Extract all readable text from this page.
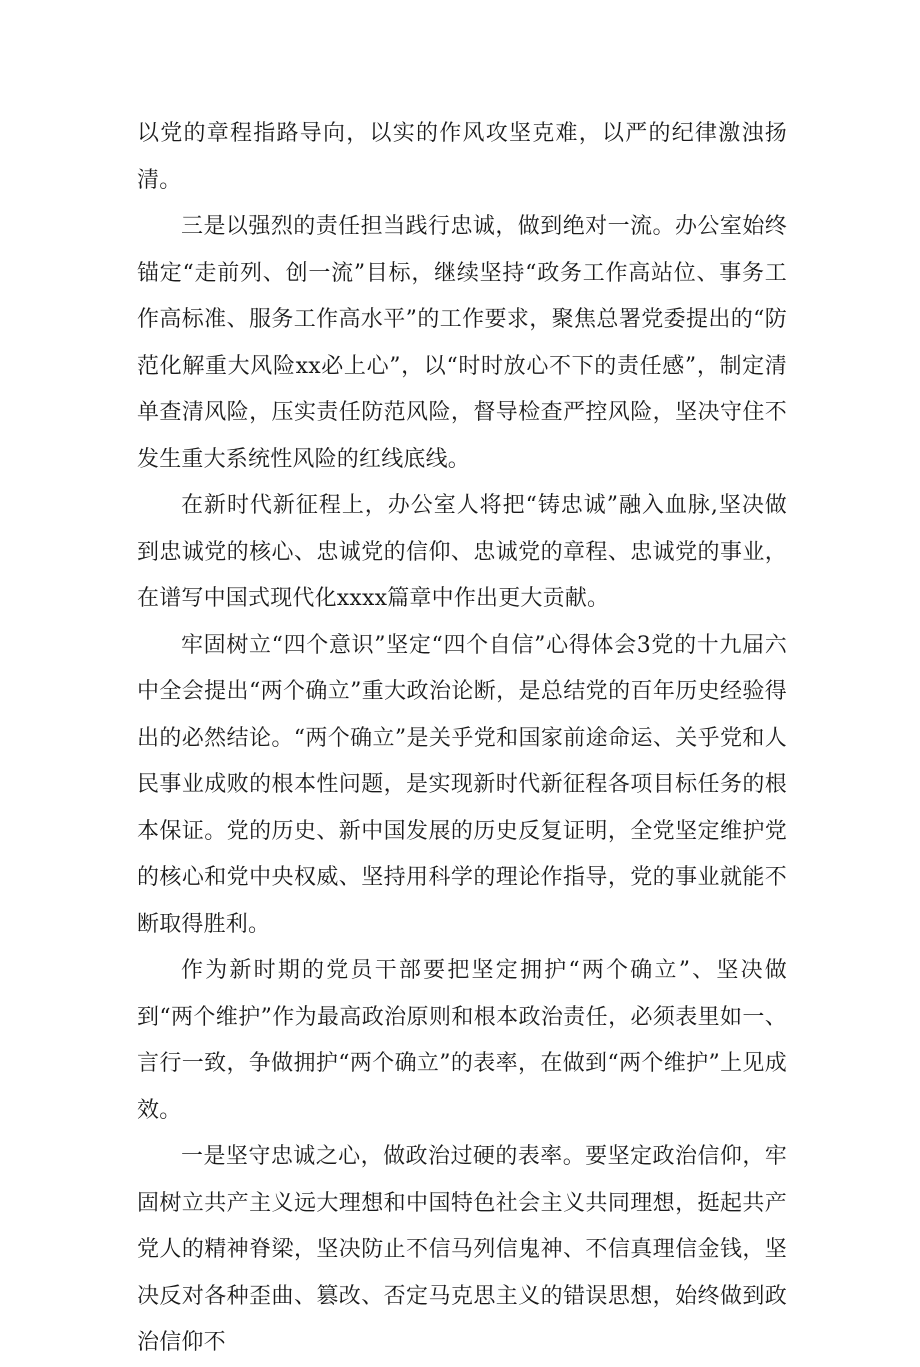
以党的章程指路导向，以实的作风攻坚克难，以严的纪律激浊扬清。

三是以强烈的责任担当践行忠诚，做到绝对一流。办公室始终锚定“走前列、创一流”目标，继续坚持“政务工作高站位、事务工作高标准、服务工作高水平”的工作要求，聚焦总署党委提出的“防范化解重大风险xx必上心”，以“时时放心不下的责任感”，制定清单查清风险，压实责任防范风险，督导检查严控风险，坚决守住不发生重大系统性风险的红线底线。

在新时代新征程上，办公室人将把“铸忠诚”融入血脉,坚决做到忠诚党的核心、忠诚党的信仰、忠诚党的章程、忠诚党的事业，在谱写中国式现代化xxxx篇章中作出更大贡献。

牢固树立“四个意识”坚定“四个自信”心得体会3党的十九届六中全会提出“两个确立”重大政治论断，是总结党的百年历史经验得出的必然结论。“两个确立”是关乎党和国家前途命运、关乎党和人民事业成败的根本性问题，是实现新时代新征程各项目标任务的根本保证。党的历史、新中国发展的历史反复证明，全党坚定维护党的核心和党中央权威、坚持用科学的理论作指导，党的事业就能不断取得胜利。

作为新时期的党员干部要把坚定拥护“两个确立”、坚决做到“两个维护”作为最高政治原则和根本政治责任，必须表里如一、言行一致，争做拥护“两个确立”的表率，在做到“两个维护”上见成效。

一是坚守忠诚之心，做政治过硬的表率。要坚定政治信仰，牢固树立共产主义远大理想和中国特色社会主义共同理想，挺起共产党人的精神脊梁，坚决防止不信马列信鬼神、不信真理信金钱，坚决反对各种歪曲、篡改、否定马克思主义的错误思想，始终做到政治信仰不
